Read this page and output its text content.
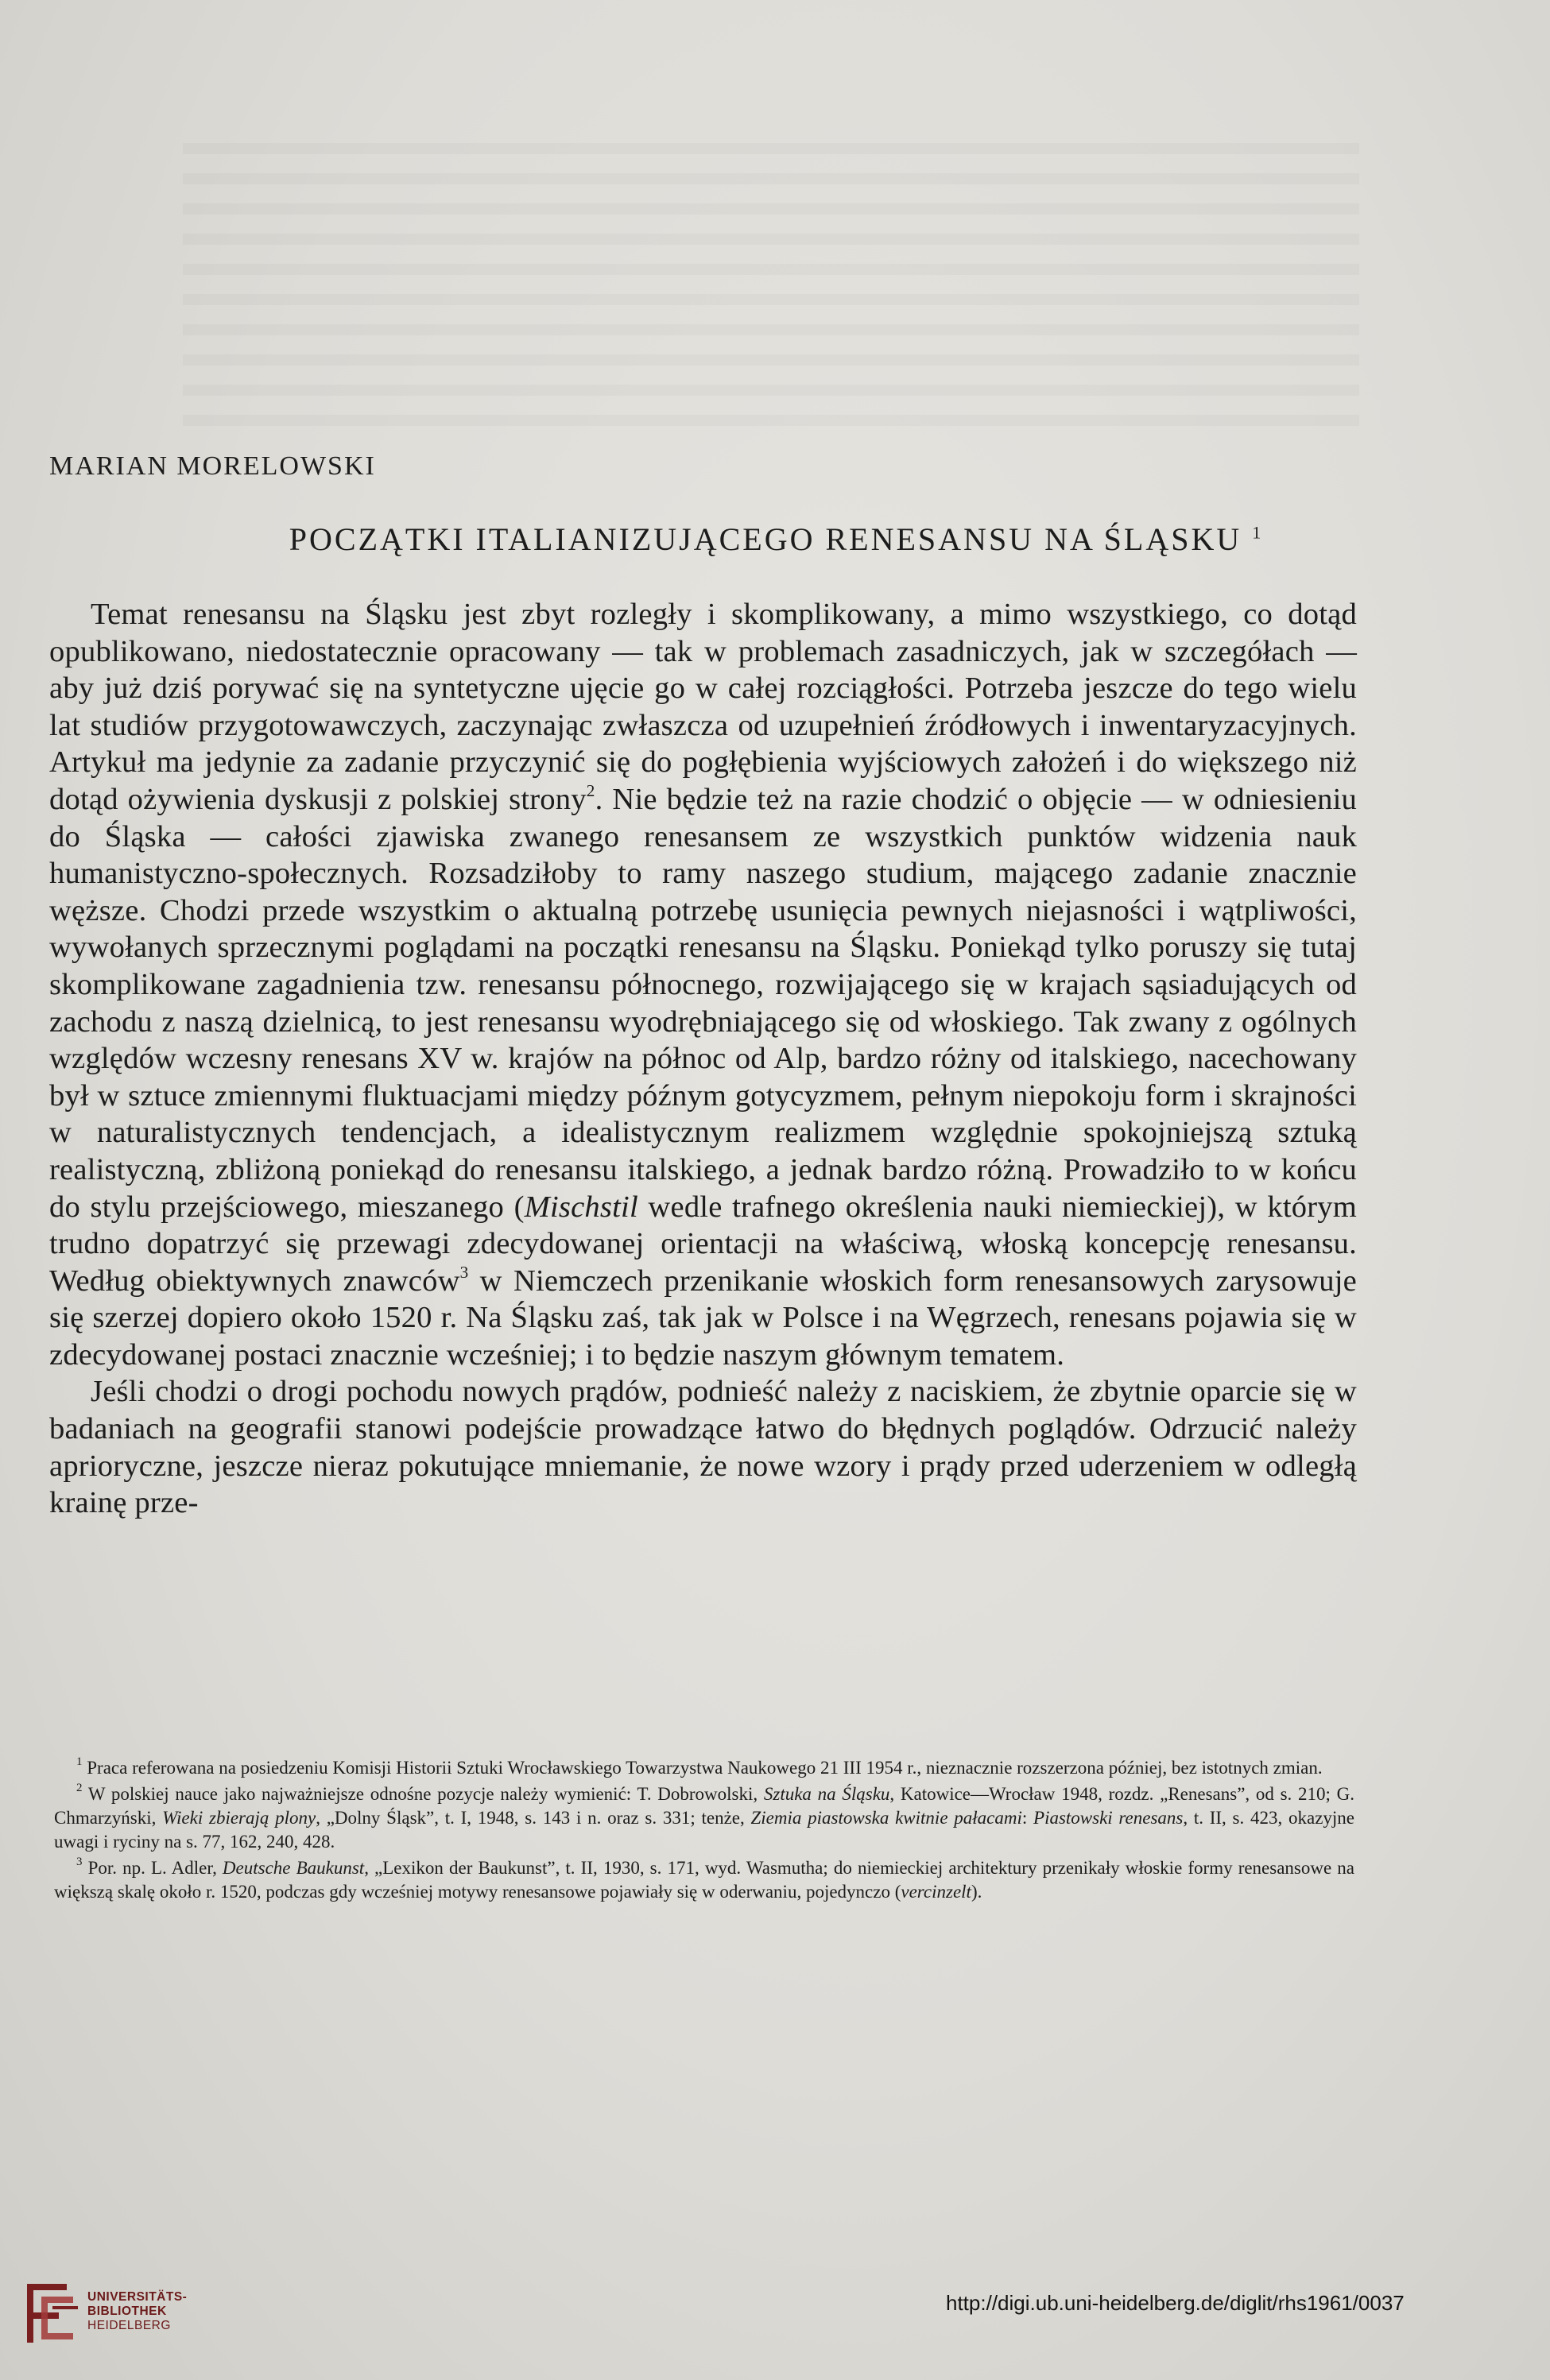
MARIAN MORELOWSKI
POCZĄTKI ITALIANIZUJĄCEGO RENESANSU NA ŚLĄSKU $^1$

Temat renesansu na Śląsku jest zbyt rozległy i skomplikowany, a mimo wszystkiego, co dotąd opublikowano, niedostatecznie opracowany — tak w problemach zasadniczych, jak w szczegółach — aby już dziś porywać się na syntetyczne ujęcie go w całej rozciągłości. Potrzeba jeszcze do tego wielu lat studiów przygotowawczych, zaczynając zwłaszcza od uzupełnień źródłowych i inwentaryzacyjnych. Artykuł ma jedynie za zadanie przyczynić się do pogłębienia wyjściowych założeń i do większego niż dotąd ożywienia dyskusji z polskiej strony$^2$. Nie będzie też na razie chodzić o objęcie — w odniesieniu do Śląska — całości zjawiska zwanego renesansem ze wszystkich punktów widzenia nauk humanistyczno-społecznych. Rozsadziłoby to ramy naszego studium, mającego zadanie znacznie węższe. Chodzi przede wszystkim o aktualną potrzebę usunięcia pewnych niejasności i wątpliwości, wywołanych sprzecznymi poglądami na początki renesansu na Śląsku. Poniekąd tylko poruszy się tutaj skomplikowane zagadnienia tzw. renesansu północnego, rozwijającego się w krajach sąsiadujących od zachodu z naszą dzielnicą, to jest renesansu wyodrębniającego się od włoskiego. Tak zwany z ogólnych względów wczesny renesans XV w. krajów na północ od Alp, bardzo różny od italskiego, nacechowany był w sztuce zmiennymi fluktuacjami między późnym gotycyzmem, pełnym niepokoju form i skrajności w naturalistycznych tendencjach, a idealistycznym realizmem względnie spokojniejszą sztuką realistyczną, zbliżoną poniekąd do renesansu italskiego, a jednak bardzo różną. Prowadziło to w końcu do stylu przejściowego, mieszanego (Mischstil wedle trafnego określenia nauki niemieckiej), w którym trudno dopatrzyć się przewagi zdecydowanej orientacji na właściwą, włoską koncepcję renesansu. Według obiektywnych znawców$^3$ w Niemczech przenikanie włoskich form renesansowych zarysowuje się szerzej dopiero około 1520 r. Na Śląsku zaś, tak jak w Polsce i na Węgrzech, renesans pojawia się w zdecydowanej postaci znacznie wcześniej; i to będzie naszym głównym tematem.

Jeśli chodzi o drogi pochodu nowych prądów, podnieść należy z naciskiem, że zbytnie oparcie się w badaniach na geografii stanowi podejście prowadzące łatwo do błędnych poglądów. Odrzucić należy aprioryczne, jeszcze nieraz pokutujące mniemanie, że nowe wzory i prądy przed uderzeniem w odległą krainę prze-

$^1$ Praca referowana na posiedzeniu Komisji Historii Sztuki Wrocławskiego Towarzystwa Naukowego 21 III 1954 r., nieznacznie rozszerzona później, bez istotnych zmian.

$^2$ W polskiej nauce jako najważniejsze odnośne pozycje należy wymienić: T. Dobrowolski, Sztuka na Śląsku, Katowice—Wrocław 1948, rozdz. „Renesans”, od s. 210; G. Chmarzyński, Wieki zbierają plony, „Dolny Śląsk”, t. I, 1948, s. 143 i n. oraz s. 331; tenże, Ziemia piastowska kwitnie pałacami: Piastowski renesans, t. II, s. 423, okazyjne uwagi i ryciny na s. 77, 162, 240, 428.

$^3$ Por. np. L. Adler, Deutsche Baukunst, „Lexikon der Baukunst”, t. II, 1930, s. 171, wyd. Wasmutha; do niemieckiej architektury przenikały włoskie formy renesansowe na większą skalę około r. 1520, podczas gdy wcześniej motywy renesansowe pojawiały się w oderwaniu, pojedynczo (vercinzelt).

UNIVERSITÄTS-
BIBLIOTHEK
HEIDELBERG
http://digi.ub.uni-heidelberg.de/diglit/rhs1961/0037
